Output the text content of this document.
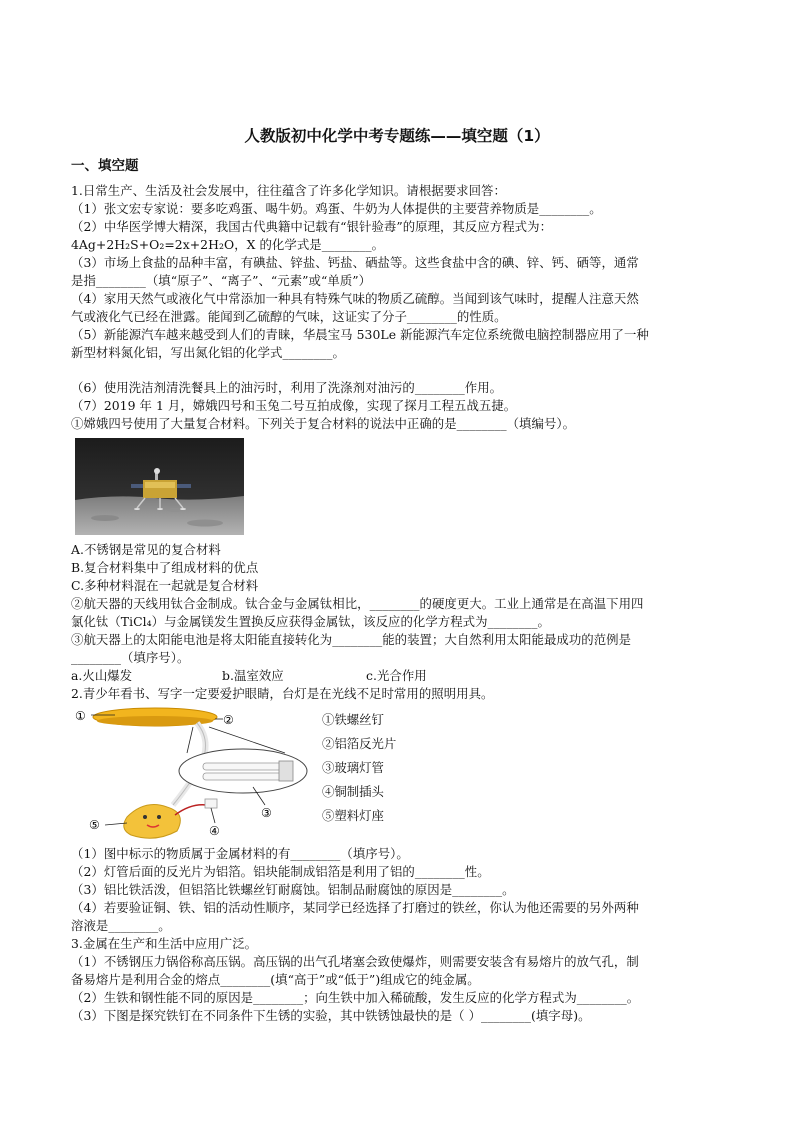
人教版初中化学中考专题练——填空题（1）
一、填空题
1.日常生产、生活及社会发展中，往往蕴含了许多化学知识。请根据要求回答：
（1）张文宏专家说：要多吃鸡蛋、喝牛奶。鸡蛋、牛奶为人体提供的主要营养物质是________。
（2）中华医学博大精深，我国古代典籍中记载有“银针验毒”的原理，其反应方程式为：
4Ag+2H₂S+O₂=2x+2H₂O，X 的化学式是________。
（3）市场上食盐的品种丰富，有碘盐、锌盐、钙盐、硒盐等。这些食盐中含的碘、锌、钙、硒等，通常
是指________（填“原子”、“离子”、“元素”或“单质”）
（4）家用天然气或液化气中常添加一种具有特殊气味的物质乙硫醇。当闻到该气味时，提醒人注意天然
气或液化气已经在泄露。能闻到乙硫醇的气味，这证实了分子________的性质。
（5）新能源汽车越来越受到人们的青睐，华晨宝马 530Le 新能源汽车定位系统微电脑控制器应用了一种
新型材料氮化铝，写出氮化铝的化学式________。
（6）使用洗洁剂清洗餐具上的油污时，利用了洗涤剂对油污的________作用。
（7）2019 年 1 月，嫦娥四号和玉兔二号互拍成像，实现了探月工程五战五捷。
①嫦娥四号使用了大量复合材料。下列关于复合材料的说法中正确的是________（填编号）。
A.不锈钢是常见的复合材料
B.复合材料集中了组成材料的优点
C.多种材料混在一起就是复合材料
②航天器的天线用钛合金制成。钛合金与金属钛相比，________的硬度更大。工业上通常是在高温下用四
氯化钛（TiCl₄）与金属镁发生置换反应获得金属钛，该反应的化学方程式为________。
③航天器上的太阳能电池是将太阳能直接转化为________能的装置；大自然利用太阳能最成功的范例是
________（填序号）。
a.火山爆发	b.温室效应	c.光合作用
2.青少年看书、写字一定要爱护眼睛，台灯是在光线不足时常用的照明用具。
①	②
③
④
⑤
①铁螺丝钉
②铝箔反光片
③玻璃灯管
④铜制插头
⑤塑料灯座
（1）图中标示的物质属于金属材料的有________（填序号）。
（2）灯管后面的反光片为铝箔。铝块能制成铝箔是利用了铝的________性。
（3）铝比铁活泼，但铝箔比铁螺丝钉耐腐蚀。铝制品耐腐蚀的原因是________。
（4）若要验证铜、铁、铝的活动性顺序，某同学已经选择了打磨过的铁丝，你认为他还需要的另外两种
溶液是________。
3.金属在生产和生活中应用广泛。
（1）不锈钢压力锅俗称高压锅。高压锅的出气孔堵塞会致使爆炸，则需要安装含有易熔片的放气孔，制
备易熔片是利用合金的熔点________(填“高于”或“低于”)组成它的纯金属。
（2）生铁和钢性能不同的原因是________；向生铁中加入稀硫酸，发生反应的化学方程式为________。
（3）下图是探究铁钉在不同条件下生锈的实验，其中铁锈蚀最快的是（ ）________(填字母)。
